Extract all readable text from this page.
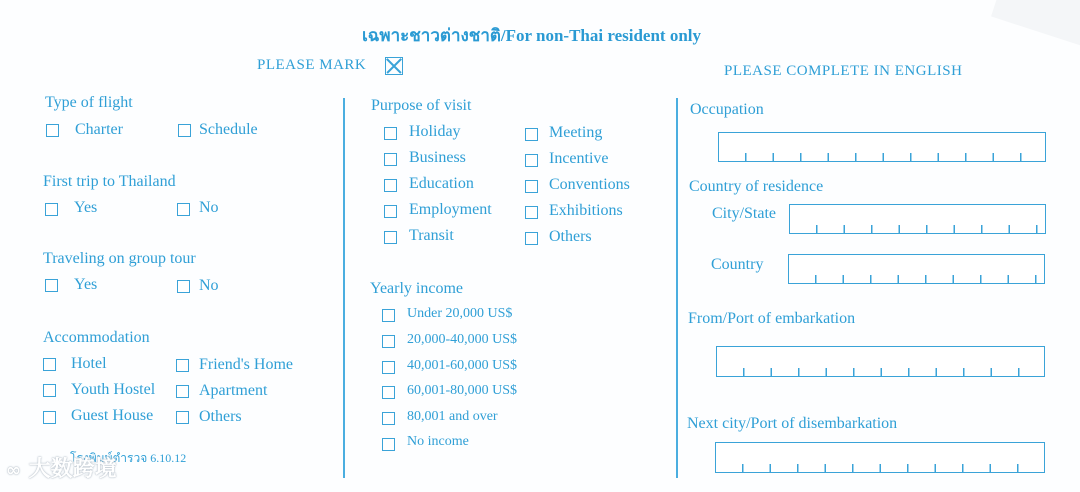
เฉพาะชาวต่างชาติ/For non-Thai resident only
PLEASE MARK	PLEASE COMPLETE IN ENGLISH
Type of flight
Charter	Schedule
First trip to Thailand
Yes	No
Traveling on group tour
Yes	No
Accommodation
Hotel	Friend's Home
Youth Hostel	Apartment
Guest House	Others
โรงพิมพ์ตำรวจ 6.10.12
Purpose of visit
Holiday	Meeting
Business	Incentive
Education	Conventions
Employment	Exhibitions
Transit	Others
Yearly income
Under 20,000 US$
20,000-40,000 US$
40,001-60,000 US$
60,001-80,000 US$
80,001 and over
No income
Occupation
Country of residence
City/State
Country
From/Port of embarkation
Next city/Port of disembarkation
∞ 大数跨境
